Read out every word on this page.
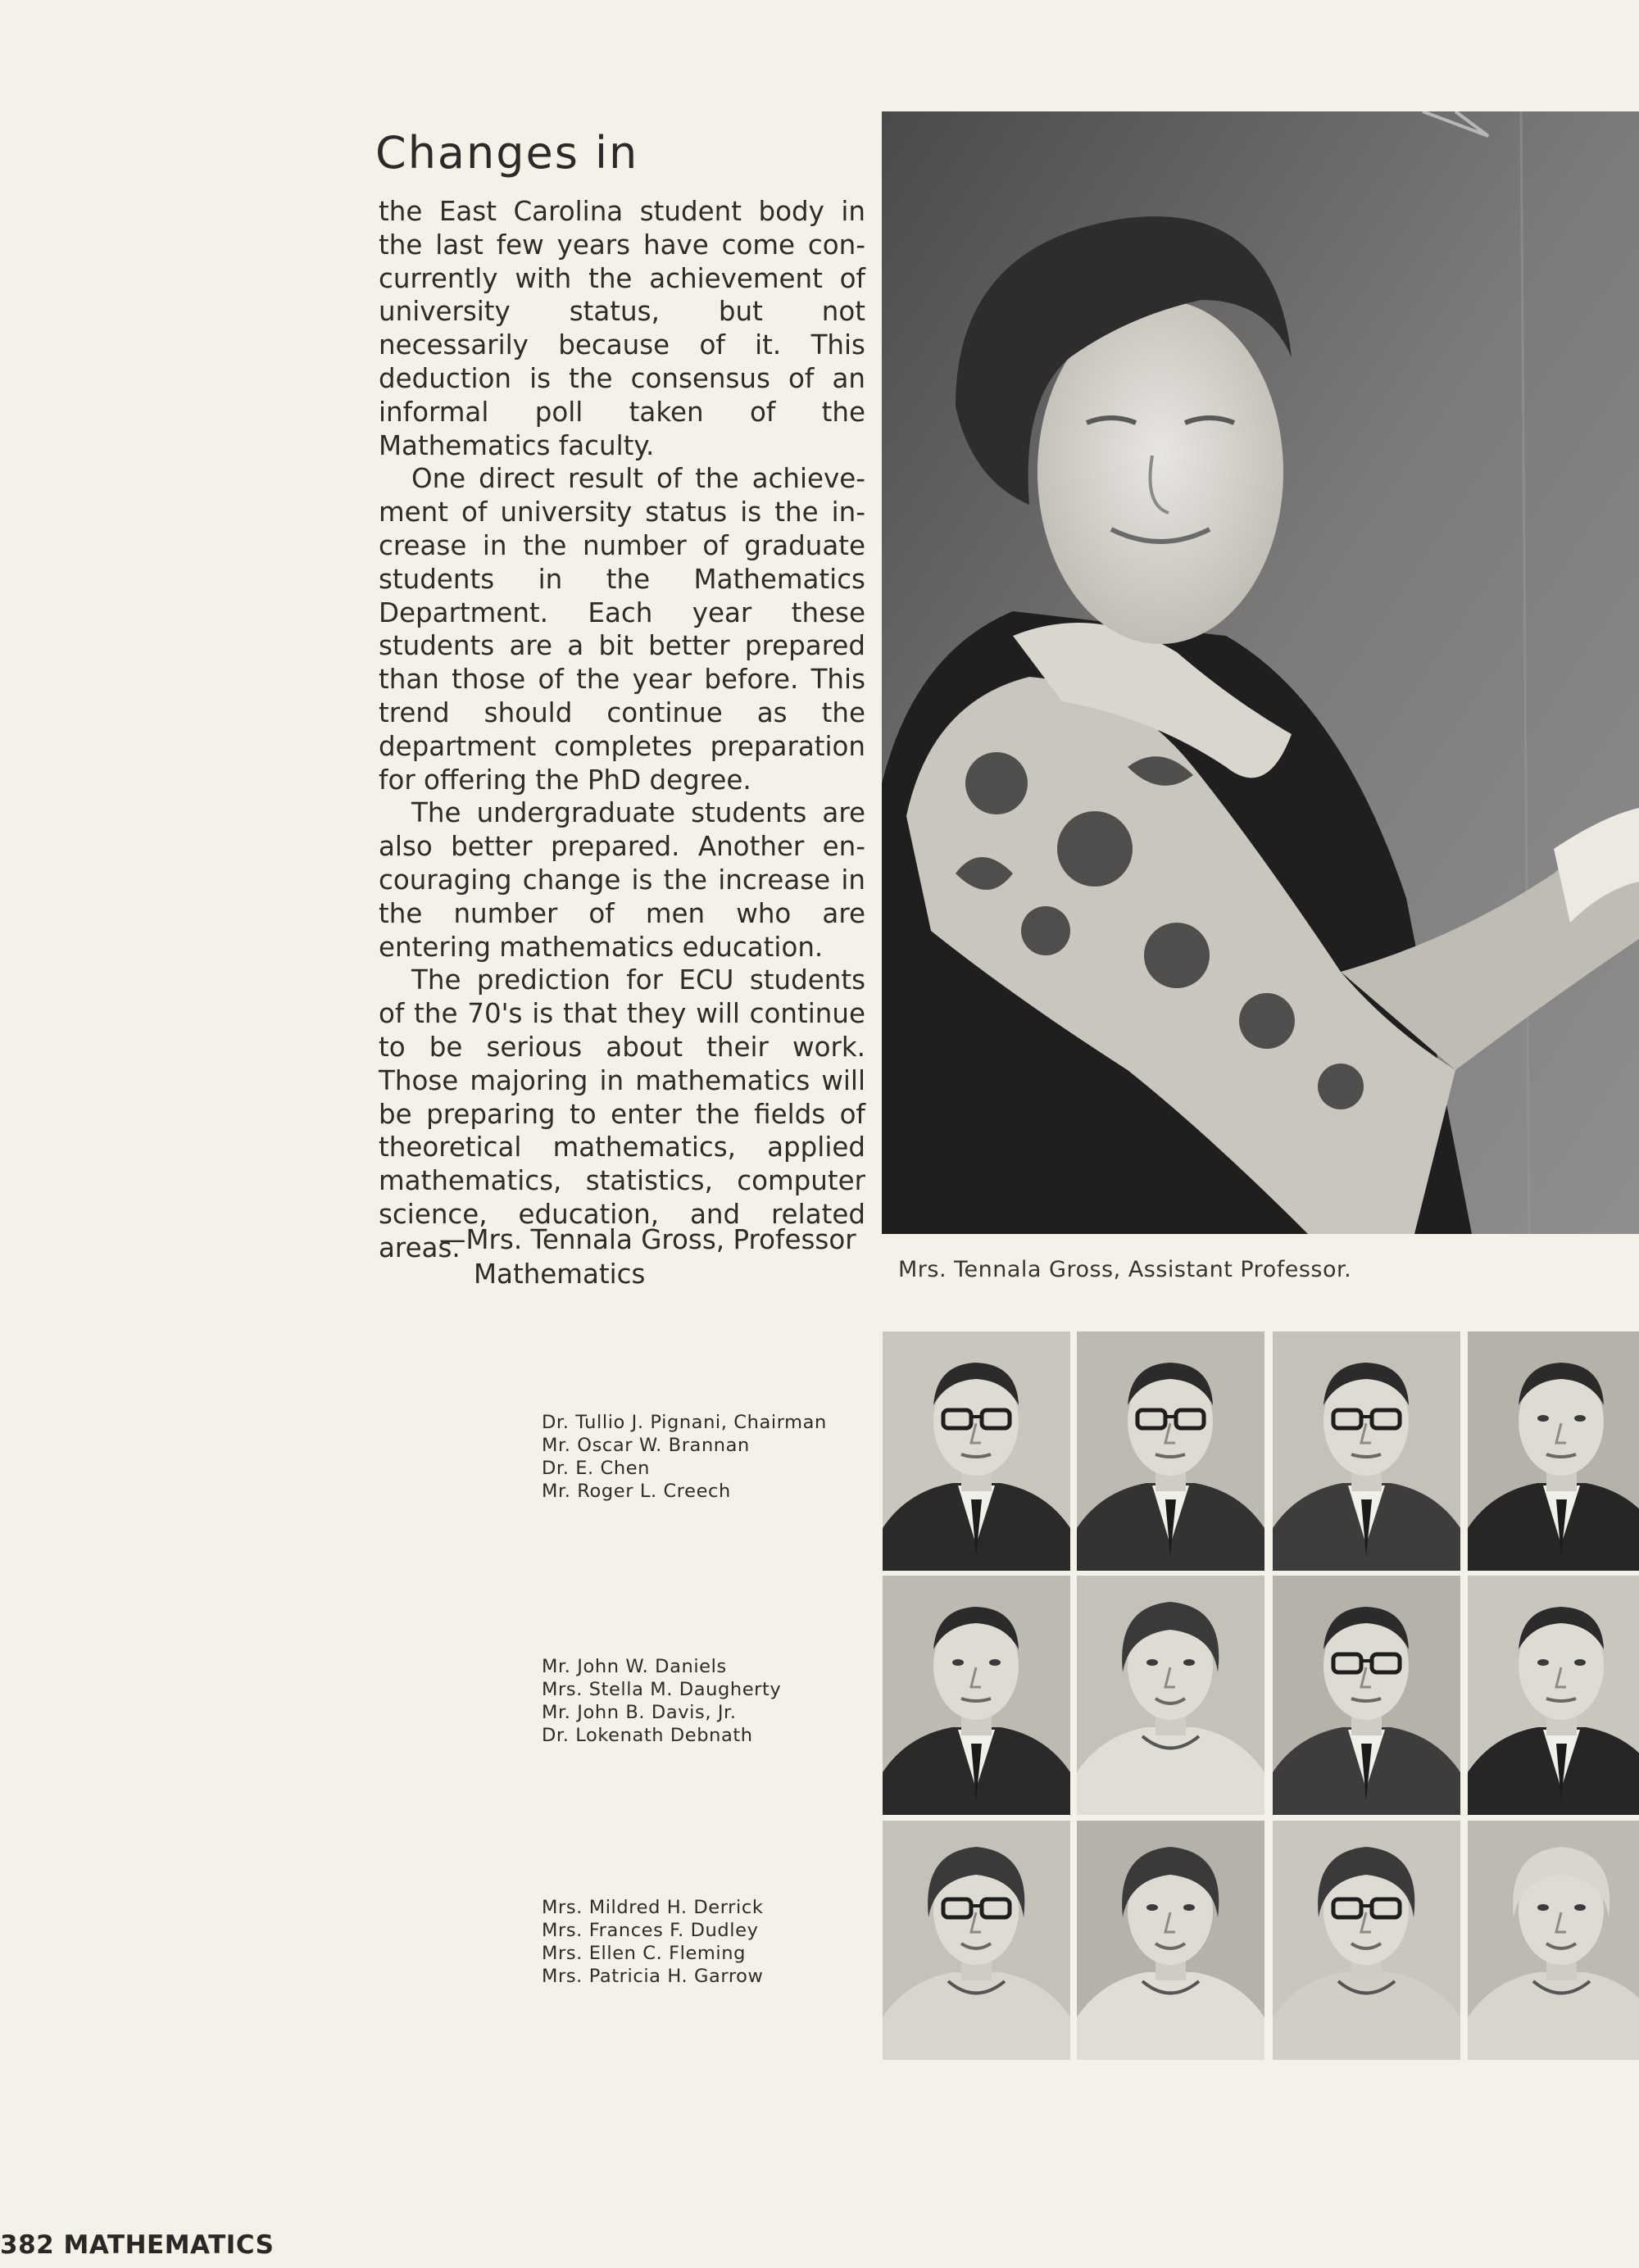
Changes in

the East Carolina student body in the last few years have come concurrently with the achievement of university status, but not necessarily because of it. This deduction is the consensus of an informal poll taken of the Mathematics faculty.

One direct result of the achievement of university status is the increase in the number of graduate students in the Mathematics Department. Each year these students are a bit better prepared than those of the year before. This trend should continue as the department completes preparation for offering the PhD degree.

The undergraduate students are also better prepared. Another encouraging change is the increase in the number of men who are entering mathematics education.

The prediction for ECU students of the 70's is that they will continue to be serious about their work. Those majoring in mathematics will be preparing to enter the fields of theoretical mathematics, applied mathematics, statistics, computer science, education, and related areas.

—Mrs. Tennala Gross, Professor
Mathematics	Mrs. Tennala Gross, Assistant Professor.
Dr. Tullio J. Pignani, Chairman
Mr. Oscar W. Brannan
Dr. E. Chen
Mr. Roger L. Creech
Mr. John W. Daniels
Mrs. Stella M. Daugherty
Mr. John B. Davis, Jr.
Dr. Lokenath Debnath
Mrs. Mildred H. Derrick
Mrs. Frances F. Dudley
Mrs. Ellen C. Fleming
Mrs. Patricia H. Garrow
382 MATHEMATICS
